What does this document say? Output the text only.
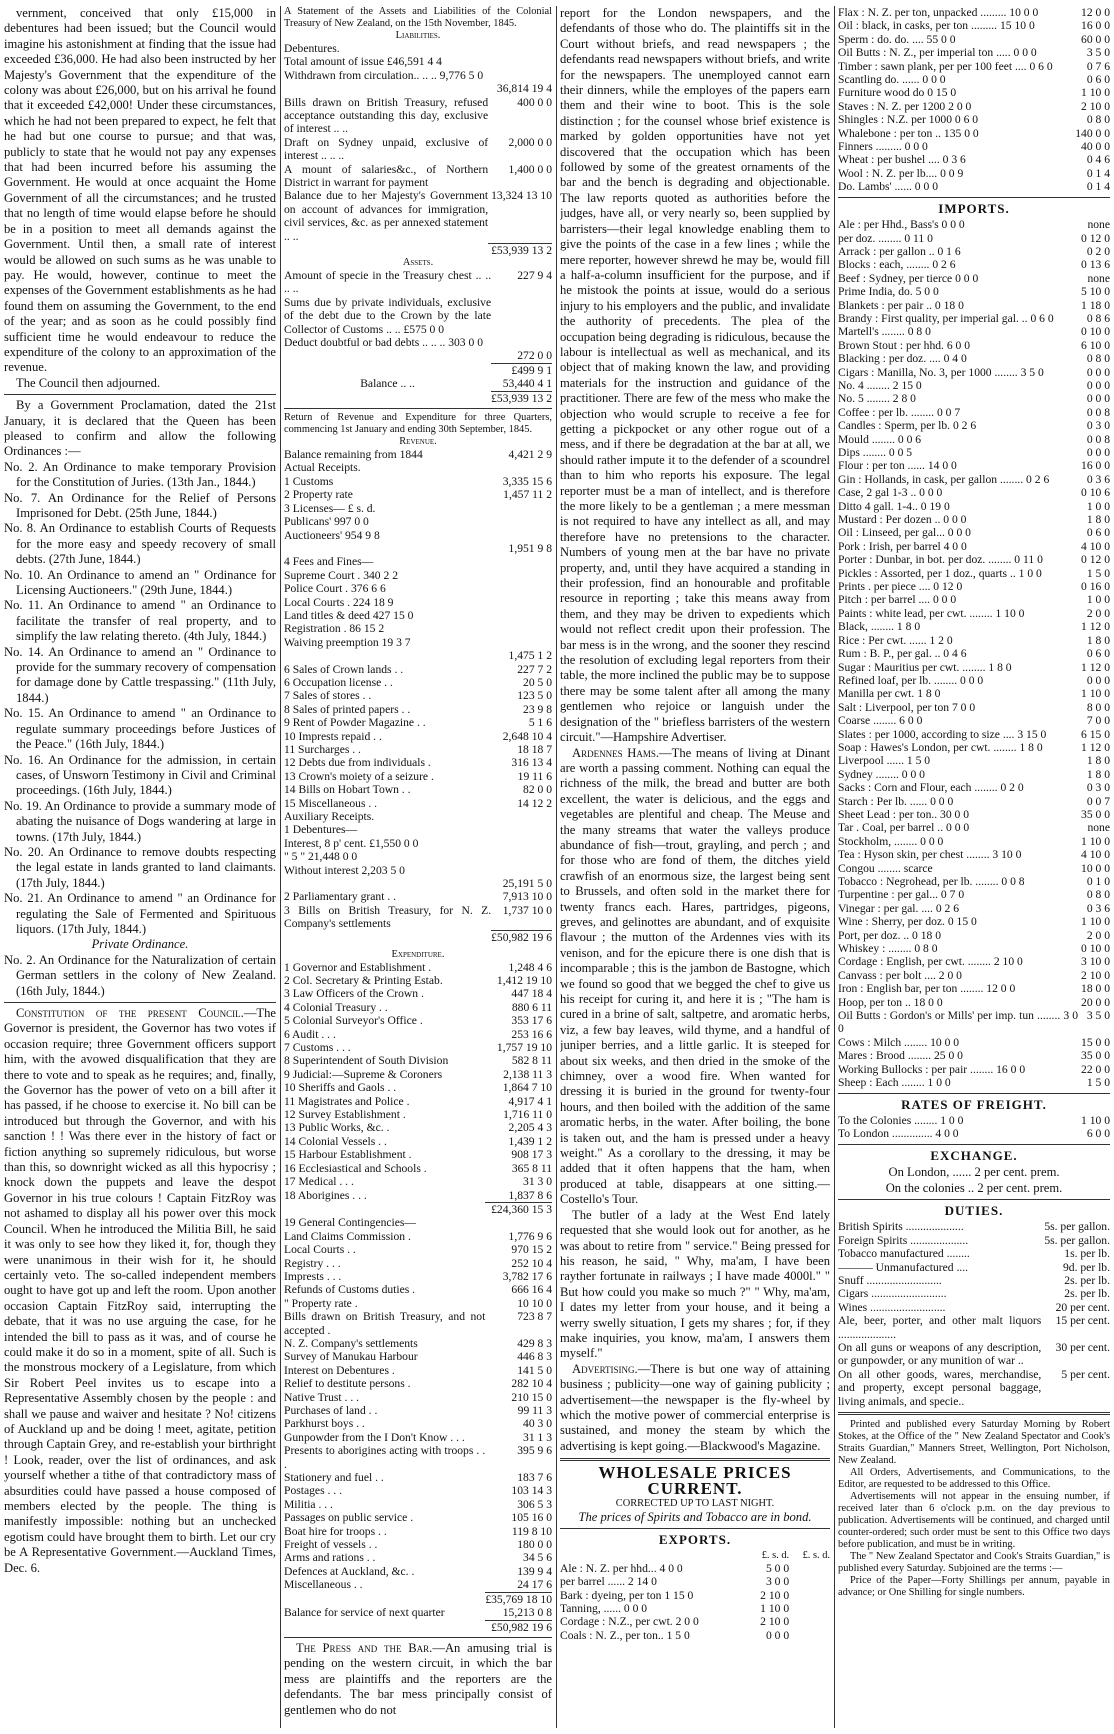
vernment, conceived that only £15,000 in debentures had been issued; but the Council would imagine his astonishment at finding that the issue had exceeded £36,000. He had also been instructed by her Majesty's Government that the expenditure of the colony was about £26,000, but on his arrival he found that it exceeded £42,000! Under these circumstances, which he had not been prepared to expect, he felt that he had but one course to pursue; and that was, publicly to state that he would not pay any expenses that had been incurred before his assuming the Government. He would at once acquaint the Home Government of all the circumstances; and he trusted that no length of time would elapse before he should be in a position to meet all demands against the Government. Until then, a small rate of interest would be allowed on such sums as he was unable to pay. He would, however, continue to meet the expenses of the Government establishments as he had found them on assuming the Government, to the end of the year; and as soon as he could possibly find sufficient time he would endeavour to reduce the expenditure of the colony to an approximation of the revenue.

The Council then adjourned.

By a Government Proclamation, dated the 21st January, it is declared that the Queen has been pleased to confirm and allow the following Ordinances :—

No. 2. An Ordinance to make temporary Provision for the Constitution of Juries. (13th Jan., 1844.)

No. 7. An Ordinance for the Relief of Persons Imprisoned for Debt. (25th June, 1844.)

No. 8. An Ordinance to establish Courts of Requests for the more easy and speedy recovery of small debts. (27th June, 1844.)

No. 10. An Ordinance to amend an " Ordinance for Licensing Auctioneers." (29th June, 1844.)

No. 11. An Ordinance to amend " an Ordinance to facilitate the transfer of real property, and to simplify the law relating thereto. (4th July, 1844.)

No. 14. An Ordinance to amend an " Ordinance to provide for the summary recovery of compensation for damage done by Cattle trespassing." (11th July, 1844.)

No. 15. An Ordinance to amend " an Ordinance to regulate summary proceedings before Justices of the Peace." (16th July, 1844.)

No. 16. An Ordinance for the admission, in certain cases, of Unsworn Testimony in Civil and Criminal proceedings. (16th July, 1844.)

No. 19. An Ordinance to provide a summary mode of abating the nuisance of Dogs wandering at large in towns. (17th July, 1844.)

No. 20. An Ordinance to remove doubts respecting the legal estate in lands granted to land claimants. (17th July, 1844.)

No. 21. An Ordinance to amend " an Ordinance for regulating the Sale of Fermented and Spirituous liquors. (17th July, 1844.)

Private Ordinance.

No. 2. An Ordinance for the Naturalization of certain German settlers in the colony of New Zealand. (16th July, 1844.)

Constitution of the present Council.—The Governor is president, the Governor has two votes if occasion require; three Government officers support him, with the avowed disqualification that they are there to vote and to speak as he requires; and, finally, the Governor has the power of veto on a bill after it has passed, if he choose to exercise it. No bill can be introduced but through the Governor, and with his sanction ! ! Was there ever in the history of fact or fiction anything so supremely ridiculous, but worse than this, so downright wicked as all this hypocrisy ; knock down the puppets and leave the despot Governor in his true colours ! Captain FitzRoy was not ashamed to display all his power over this mock Council. When he introduced the Militia Bill, he said it was only to see how they liked it, for, though they were unanimous in their wish for it, he should certainly veto. The so-called independent members ought to have got up and left the room. Upon another occasion Captain FitzRoy said, interrupting the debate, that it was no use arguing the case, for he intended the bill to pass as it was, and of course he could make it do so in a moment, spite of all. Such is the monstrous mockery of a Legislature, from which Sir Robert Peel invites us to escape into a Representative Assembly chosen by the people : and shall we pause and waiver and hesitate ? No! citizens of Auckland up and be doing ! meet, agitate, petition through Captain Grey, and re-establish your birthright ! Look, reader, over the list of ordinances, and ask yourself whether a tithe of that contradictory mass of absurdities could have passed a house composed of members elected by the people. The thing is manifestly impossible: nothing but an unchecked egotism could have brought them to birth. Let our cry be A Representative Government.—Auckland Times, Dec. 6.

A Statement of the Assets and Liabilities of the Colonial Treasury of New Zealand, on the 15th November, 1845.

Liabilities.
Debentures.	
Total amount of issue £46,591 4 4	
Withdrawn from circulation.. .. .. 9,776 5 0	
	36,814 19 4
Bills drawn on British Treasury, refused acceptance outstanding this day, exclusive of interest .. ..	400 0 0
Draft on Sydney unpaid, exclusive of interest .. .. ..	2,000 0 0
A mount of salaries&c., of Northern District in warrant for payment	1,400 0 0
Balance due to her Majesty's Government on account of advances for immigration, civil services, &c. as per annexed statement .. ..	13,324 13 10
	£53,939 13 2
Assets.
Amount of specie in the Treasury chest .. .. .. ..	227 9 4
Sums due by private individuals, exclusive of the debt due to the Crown by the late Collector of Customs .. .. £575 0 0	
Deduct doubtful or bad debts .. .. .. 303 0 0	
	272 0 0
	£499 9 1
Balance .. ..	53,440 4 1
	£53,939 13 2

Return of Revenue and Expenditure for three Quarters, commencing 1st January and ending 30th September, 1845.

Revenue.
Balance remaining from 1844	4,421 2 9
Actual Receipts.	
1 Customs	3,335 15 6
2 Property rate	1,457 11 2
3 Licenses— £ s. d.	
Publicans' 997 0 0	
Auctioneers' 954 9 8	
	1,951 9 8
4 Fees and Fines—	
Supreme Court . 340 2 2	
Police Court . 376 6 6	
Local Courts . 224 18 9	
Land titles & deed 427 15 0	
Registration . 86 15 2	
Waiving preemption 19 3 7	
	1,475 1 2
6 Sales of Crown lands . .	227 7 2
6 Occupation license . .	20 5 0
7 Sales of stores . .	123 5 0
8 Sales of printed papers . .	23 9 8
9 Rent of Powder Magazine . .	5 1 6
10 Imprests repaid . .	2,648 10 4
11 Surcharges . .	18 18 7
12 Debts due from individuals .	316 13 4
13 Crown's moiety of a seizure .	19 11 6
14 Bills on Hobart Town . .	82 0 0
15 Miscellaneous . .	14 12 2
Auxiliary Receipts.	
1 Debentures—	
Interest, 8 p' cent. £1,550 0 0	
" 5 " 21,448 0 0	
Without interest 2,203 5 0	
	25,191 5 0
2 Parliamentary grant . .	7,913 10 0
3 Bills on British Treasury, for N. Z. Company's settlements	1,737 10 0
	£50,982 19 6
Expenditure.
1 Governor and Establishment .	1,248 4 6
2 Col. Secretary & Printing Estab.	1,412 19 10
3 Law Officers of the Crown .	447 18 4
4 Colonial Treasury . .	880 6 11
5 Colonial Surveyor's Office .	353 17 6
6 Audit . . .	253 16 6
7 Customs . . .	1,757 19 10
8 Superintendent of South Division	582 8 11
9 Judicial:—Supreme & Coroners	2,138 11 3
10 Sheriffs and Gaols . .	1,864 7 10
11 Magistrates and Police .	4,917 4 1
12 Survey Establishment .	1,716 11 0
13 Public Works, &c. .	2,205 4 3
14 Colonial Vessels . .	1,439 1 2
15 Harbour Establishment .	908 17 3
16 Ecclesiastical and Schools .	365 8 11
17 Medical . . .	31 3 0
18 Aborigines . . .	1,837 8 6
	£24,360 15 3
19 General Contingencies—	
Land Claims Commission .	1,776 9 6
Local Courts . .	970 15 2
Registry . . .	252 10 4
Imprests . . .	3,782 17 6
Refunds of Customs duties .	666 16 4
" Property rate .	10 10 0
Bills drawn on British Treasury, and not accepted .	723 8 7
N. Z. Company's settlements	429 8 3
Survey of Manukau Harbour	446 8 3
Interest on Debentures .	141 5 0
Relief to destitute persons .	282 10 4
Native Trust . . .	210 15 0
Purchases of land . .	99 11 3
Parkhurst boys . .	40 3 0
Gunpowder from the I Don't Know . . .	31 1 3
Presents to aborigines acting with troops . . .	395 9 6
Stationery and fuel . .	183 7 6
Postages . . .	103 14 3
Militia . . .	306 5 3
Passages on public service .	105 16 0
Boat hire for troops . .	119 8 10
Freight of vessels . .	180 0 0
Arms and rations . .	34 5 6
Defences at Auckland, &c. .	139 9 4
Miscellaneous . .	24 17 6
	£35,769 18 10
Balance for service of next quarter	15,213 0 8
	£50,982 19 6

The Press and the Bar.—An amusing trial is pending on the western circuit, in which the bar mess are plaintiffs and the reporters are the defendants. The bar mess principally consist of gentlemen who do not

report for the London newspapers, and the defendants of those who do. The plaintiffs sit in the Court without briefs, and read newspapers ; the defendants read newspapers without briefs, and write for the newspapers. The unemployed cannot earn their dinners, while the employes of the papers earn them and their wine to boot. This is the sole distinction ; for the counsel whose brief existence is marked by golden opportunities have not yet discovered that the occupation which has been followed by some of the greatest ornaments of the bar and the bench is degrading and objectionable. The law reports quoted as authorities before the judges, have all, or very nearly so, been supplied by barristers—their legal knowledge enabling them to give the points of the case in a few lines ; while the mere reporter, however shrewd he may be, would fill a half-a-column insufficient for the purpose, and if he mistook the points at issue, would do a serious injury to his employers and the public, and invalidate the authority of precedents. The plea of the occupation being degrading is ridiculous, because the labour is intellectual as well as mechanical, and its object that of making known the law, and providing materials for the instruction and guidance of the practitioner. There are few of the mess who make the objection who would scruple to receive a fee for getting a pickpocket or any other rogue out of a mess, and if there be degradation at the bar at all, we should rather impute it to the defender of a scoundrel than to him who reports his exposure. The legal reporter must be a man of intellect, and is therefore the more likely to be a gentleman ; a mere messman is not required to have any intellect as all, and may therefore have no pretensions to the character. Numbers of young men at the bar have no private property, and, until they have acquired a standing in their profession, find an honourable and profitable resource in reporting ; take this means away from them, and they may be driven to expedients which would not reflect credit upon their profession. The bar mess is in the wrong, and the sooner they rescind the resolution of excluding legal reporters from their table, the more inclined the public may be to suppose there may be some talent after all among the many gentlemen who rejoice or languish under the designation of the " briefless barristers of the western circuit."—Hampshire Advertiser.

Ardennes Hams.—The means of living at Dinant are worth a passing comment. Nothing can equal the richness of the milk, the bread and butter are both excellent, the water is delicious, and the eggs and vegetables are plentiful and cheap. The Meuse and the many streams that water the valleys produce abundance of fish—trout, grayling, and perch ; and for those who are fond of them, the ditches yield crawfish of an enormous size, the largest being sent to Brussels, and often sold in the market there for twenty francs each. Hares, partridges, pigeons, greves, and gelinottes are abundant, and of exquisite flavour ; the mutton of the Ardennes vies with its venison, and for the epicure there is one dish that is incomparable ; this is the jambon de Bastogne, which we found so good that we begged the chef to give us his receipt for curing it, and here it is ; "The ham is cured in a brine of salt, saltpetre, and aromatic herbs, viz, a few bay leaves, wild thyme, and a handful of juniper berries, and a little garlic. It is steeped for about six weeks, and then dried in the smoke of the chimney, over a wood fire. When wanted for dressing it is buried in the ground for twenty-four hours, and then boiled with the addition of the same aromatic herbs, in the water. After boiling, the bone is taken out, and the ham is pressed under a heavy weight." As a corollary to the dressing, it may be added that it often happens that the ham, when produced at table, disappears at one sitting.—Costello's Tour.

The butler of a lady at the West End lately requested that she would look out for another, as he was about to retire from " service." Being pressed for his reason, he said, " Why, ma'am, I have been rayther fortunate in railways ; I have made 4000l." " But how could you make so much ?" " Why, ma'am, I dates my letter from your house, and it being a werry swelly situation, I gets my shares ; for, if they make inquiries, you know, ma'am, I answers them myself."

Advertising.—There is but one way of attaining business ; publicity—one way of gaining publicity ; advertisement—the newspaper is the fly-wheel by which the motive power of commercial enterprise is sustained, and money the steam by which the advertising is kept going.—Blackwood's Magazine.

WHOLESALE PRICES CURRENT.
CORRECTED UP TO LAST NIGHT.
The prices of Spirits and Tobacco are in bond.
EXPORTS.
	£. s. d.	£. s. d.
Ale : N. Z. per hhd... 4 0 0	5 0 0	
per barrel ...... 2 14 0	3 0 0	
Bark : dyeing, per ton 1 15 0	2 10 0	
Tanning, ...... 0 0 0	1 10 0	
Cordage : N.Z., per cwt. 2 0 0	2 10 0	
Coals : N. Z., per ton.. 1 5 0	0 0 0	
Flax : N. Z. per ton, unpacked ......... 10 0 0	12 0 0
Oil : black, in casks, per ton ......... 15 10 0	16 0 0
Sperm : do. do. .... 55 0 0	60 0 0
Oil Butts : N. Z., per imperial ton ..... 0 0 0	3 5 0
Timber : sawn plank, per per 100 feet .... 0 6 0	0 7 6
Scantling do. ...... 0 0 0	0 6 0
Furniture wood do 0 15 0	1 10 0
Staves : N. Z. per 1200 2 0 0	2 10 0
Shingles : N.Z. per 1000 0 6 0	0 8 0
Whalebone : per ton .. 135 0 0	140 0 0
Finners ......... 0 0 0	40 0 0
Wheat : per bushel .... 0 3 6	0 4 6
Wool : N. Z. per lb.... 0 0 9	0 1 4
Do. Lambs' ...... 0 0 0	0 1 4
IMPORTS.
Ale : per Hhd., Bass's 0 0 0	none
per doz. ........ 0 11 0	0 12 0
Arrack : per gallon .. 0 1 6	0 2 0
Blocks : each, ........ 0 2 6	0 13 6
Beef : Sydney, per tierce 0 0 0	none
Prime India, do. 5 0 0	5 10 0
Blankets : per pair .. 0 18 0	1 18 0
Brandy : First quality, per imperial gal. .. 0 6 0	0 8 6
Martell's ........ 0 8 0	0 10 0
Brown Stout : per hhd. 6 0 0	6 10 0
Blacking : per doz. .... 0 4 0	0 8 0
Cigars : Manilla, No. 3, per 1000 ........ 3 5 0	0 0 0
No. 4 ........ 2 15 0	0 0 0
No. 5 ........ 2 8 0	0 0 0
Coffee : per lb. ........ 0 0 7	0 0 8
Candles : Sperm, per lb. 0 2 6	0 3 0
Mould ........ 0 0 6	0 0 8
Dips ........ 0 0 5	0 0 0
Flour : per ton ...... 14 0 0	16 0 0
Gin : Hollands, in cask, per gallon ........ 0 2 6	0 3 6
Case, 2 gal 1-3 .. 0 0 0	0 10 6
Ditto 4 gall. 1-4.. 0 19 0	1 0 0
Mustard : Per dozen .. 0 0 0	1 8 0
Oil : Linseed, per gal... 0 0 0	0 6 0
Pork : Irish, per barrel 4 0 0	4 10 0
Porter : Dunbar, in bot. per doz. ........ 0 11 0	0 12 0
Pickles : Assorted, per 1 doz., quarts .. 1 0 0	1 5 0
Prints . per piece .... 0 12 0	0 16 0
Pitch : per barrel .... 0 0 0	1 0 0
Paints : white lead, per cwt. ........ 1 10 0	2 0 0
Black, ........ 1 8 0	1 12 0
Rice : Per cwt. ...... 1 2 0	1 8 0
Rum : B. P., per gal. .. 0 4 6	0 6 0
Sugar : Mauritius per cwt. ........ 1 8 0	1 12 0
Refined loaf, per lb. ........ 0 0 0	0 0 0
Manilla per cwt. 1 8 0	1 10 0
Salt : Liverpool, per ton 7 0 0	8 0 0
Coarse ........ 6 0 0	7 0 0
Slates : per 1000, according to size .... 3 15 0	6 15 0
Soap : Hawes's London, per cwt. ........ 1 8 0	1 12 0
Liverpool ...... 1 5 0	1 8 0
Sydney ........ 0 0 0	1 8 0
Sacks : Corn and Flour, each ........ 0 2 0	0 3 0
Starch : Per lb. ...... 0 0 0	0 0 7
Sheet Lead : per ton.. 30 0 0	35 0 0
Tar . Coal, per barrel .. 0 0 0	none
Stockholm, ........ 0 0 0	1 10 0
Tea : Hyson skin, per chest ........ 3 10 0	4 10 0
Congou ........ scarce	10 0 0
Tobacco : Negrohead, per lb. ........ 0 0 8	0 1 0
Turpentine : per gal... 0 7 0	0 8 0
Vinegar : per gal. .... 0 2 6	0 3 6
Wine : Sherry, per doz. 0 15 0	1 10 0
Port, per doz. .. 0 18 0	2 0 0
Whiskey : ........ 0 8 0	0 10 0
Cordage : English, per cwt. ........ 2 10 0	3 10 0
Canvass : per bolt .... 2 0 0	2 10 0
Iron : English bar, per ton ........ 12 0 0	18 0 0
Hoop, per ton .. 18 0 0	20 0 0
Oil Butts : Gordon's or Mills' per imp. tun ........ 3 0 0	3 5 0
Cows : Milch ........ 10 0 0	15 0 0
Mares : Brood ........ 25 0 0	35 0 0
Working Bullocks : per pair ........ 16 0 0	22 0 0
Sheep : Each ........ 1 0 0	1 5 0
RATES OF FREIGHT.
To the Colonies ........ 1 0 0	1 10 0
To London .............. 4 0 0	6 0 0
EXCHANGE.

On London, ...... 2 per cent. prem.

On the colonies .. 2 per cent. prem.

DUTIES.
British Spirits ....................	5s. per gallon.
Foreign Spirits ....................	5s. per gallon.
Tobacco manufactured ........	1s. per lb.
——— Unmanufactured ....	9d. per lb.
Snuff ..........................	2s. per lb.
Cigars ..........................	2s. per lb.
Wines ..........................	20 per cent.
Ale, beer, porter, and other malt liquors ....................	15 per cent.
On all guns or weapons of any description, or gunpowder, or any munition of war ..	30 per cent.
On all other goods, wares, merchandise, and property, except personal baggage, living animals, and specie..	5 per cent.

Printed and published every Saturday Morning by Robert Stokes, at the Office of the " New Zealand Spectator and Cook's Straits Guardian," Manners Street, Wellington, Port Nicholson, New Zealand.

All Orders, Advertisements, and Communications, to the Editor, are requested to be addressed to this Office.

Advertisements will not appear in the ensuing number, if received later than 6 o'clock p.m. on the day previous to publication. Advertisements will be continued, and charged until counter-ordered; such order must be sent to this Office two days before publication, and must be in writing.

The " New Zealand Spectator and Cook's Straits Guardian," is published every Saturday. Subjoined are the terms :—

Price of the Paper—Forty Shillings per annum, payable in advance; or One Shilling for single numbers.
